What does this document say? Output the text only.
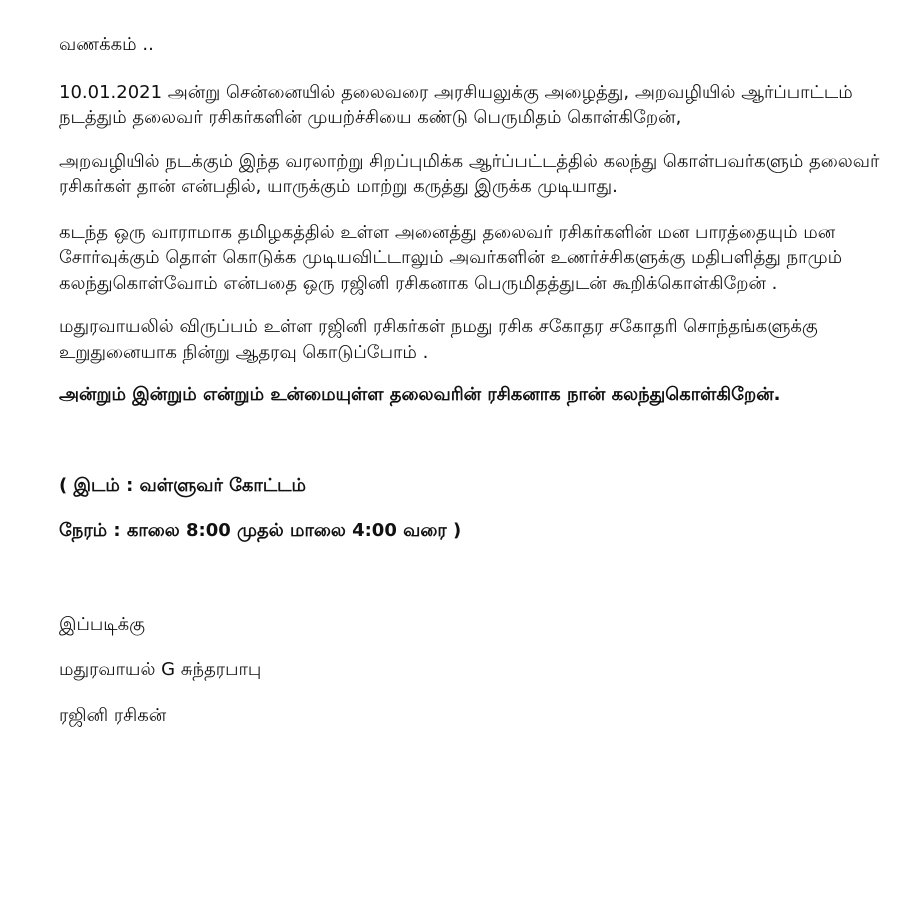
வணக்கம் ..

10.01.2021 அன்று சென்னையில் தலைவரை அரசியலுக்கு அழைத்து, அறவழியில் ஆர்ப்பாட்டம் நடத்தும் தலைவர் ரசிகர்களின் முயற்ச்சியை கண்டு பெருமிதம் கொள்கிறேன்,

அறவழியில் நடக்கும் இந்த வரலாற்று சிறப்புமிக்க ஆர்ப்பட்டத்தில் கலந்து கொள்பவர்களும் தலைவர் ரசிகர்கள் தான் என்பதில், யாருக்கும் மாற்று கருத்து இருக்க முடியாது.

கடந்த ஒரு வாராமாக தமிழகத்தில் உள்ள அனைத்து தலைவர் ரசிகர்களின் மன பாரத்தையும் மன சோர்வுக்கும் தொள் கொடுக்க முடியவிட்டாலும் அவர்களின் உணர்ச்சிகளுக்கு மதிபளித்து நாமும் கலந்துகொள்வோம் என்பதை ஒரு ரஜினி ரசிகனாக பெருமிதத்துடன் கூறிக்கொள்கிறேன் .

மதுரவாயலில் விருப்பம் உள்ள ரஜினி ரசிகர்கள் நமது ரசிக சகோதர சகோதரி சொந்தங்களுக்கு உறுதுனையாக நின்று ஆதரவு கொடுப்போம் .

அன்றும் இன்றும் என்றும் உன்மையுள்ள தலைவரின் ரசிகனாக நான் கலந்துகொள்கிறேன்.

( இடம் : வள்ளுவர் கோட்டம்

நேரம் : காலை 8:00 முதல் மாலை 4:00 வரை )

இப்படிக்கு

மதுரவாயல் G சுந்தரபாபு

ரஜினி ரசிகன்
